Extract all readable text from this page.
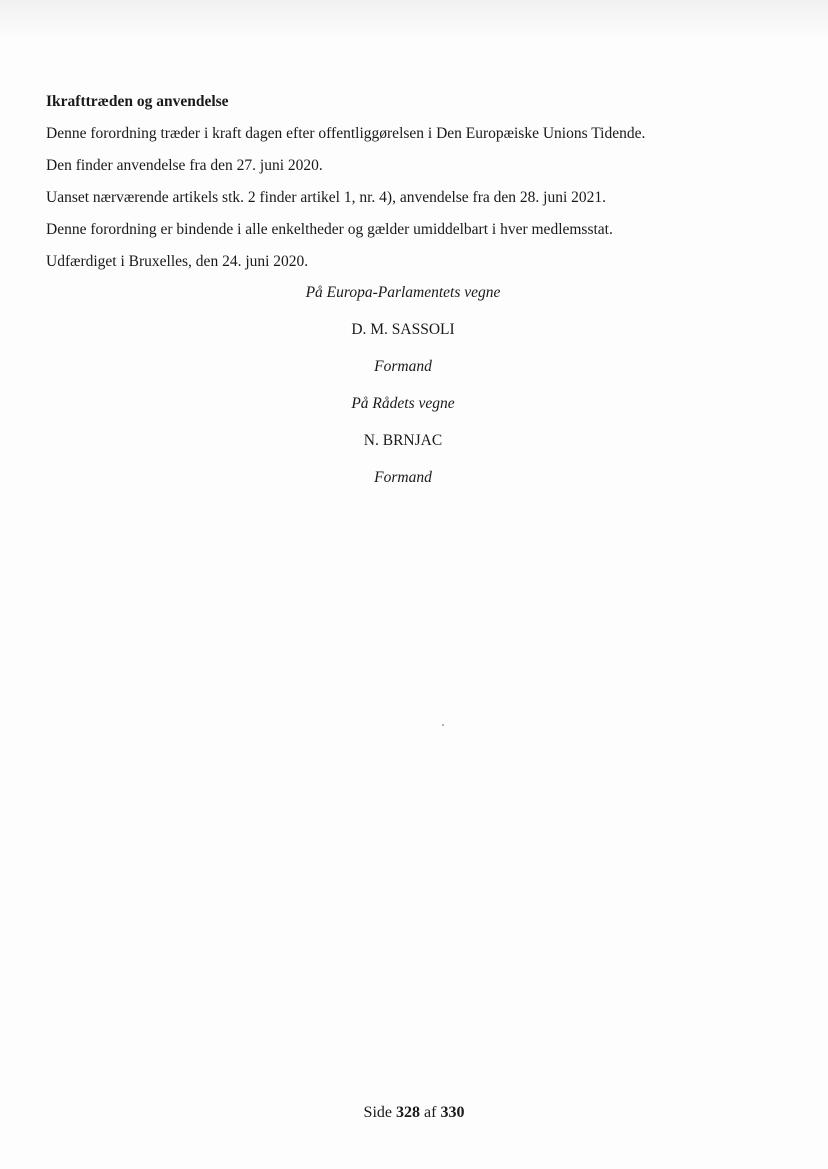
Ikrafttræden og anvendelse
Denne forordning træder i kraft dagen efter offentliggørelsen i Den Europæiske Unions Tidende.
Den finder anvendelse fra den 27. juni 2020.
Uanset nærværende artikels stk. 2 finder artikel 1, nr. 4), anvendelse fra den 28. juni 2021.
Denne forordning er bindende i alle enkeltheder og gælder umiddelbart i hver medlemsstat.
Udfærdiget i Bruxelles, den 24. juni 2020.
På Europa-Parlamentets vegne
D. M. SASSOLI
Formand
På Rådets vegne
N. BRNJAC
Formand
Side 328 af 330
